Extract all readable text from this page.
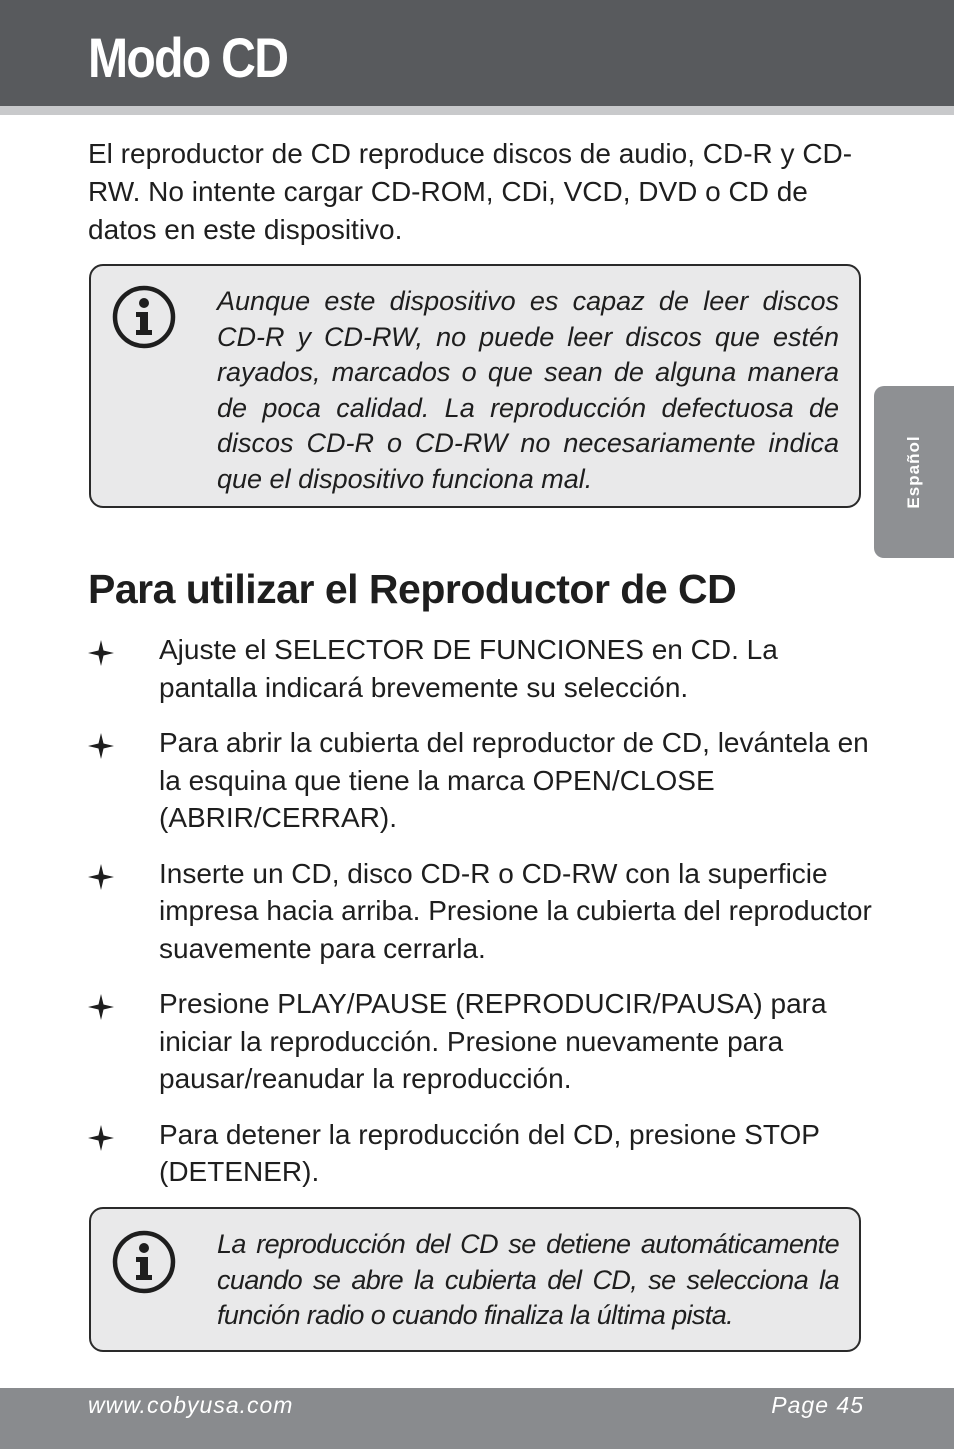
Modo CD

El reproductor de CD reproduce discos de audio, CD-R y CD-RW. No intente cargar CD-ROM, CDi, VCD, DVD o CD de datos en este dispositivo.

Aunque este dispositivo es capaz de leer discos CD-R y CD-RW, no puede leer discos que estén rayados, marcados o que sean de alguna manera de poca calidad. La reproducción defectuosa de discos CD-R o CD-RW no necesariamente indica que el dispositivo funciona mal.

Para utilizar el Reproductor de CD
Ajuste el SELECTOR DE FUNCIONES en CD. La pantalla indicará brevemente su selección.
Para abrir la cubierta del reproductor de CD, levántela en la esquina que tiene la marca OPEN/CLOSE (ABRIR/CERRAR).
Inserte un CD, disco CD-R o CD-RW con la superficie impresa hacia arriba. Presione la cubierta del reproductor suavemente para cerrarla.
Presione PLAY/PAUSE (REPRODUCIR/PAUSA) para iniciar la reproducción. Presione nuevamente para pausar/reanudar la reproducción.
Para detener la reproducción del CD, presione STOP (DETENER).

La reproducción del CD se detiene automáticamente cuando se abre la cubierta del CD, se selecciona la función radio o cuando finaliza la última pista.

Español
www.cobyusa.com	Page 45
